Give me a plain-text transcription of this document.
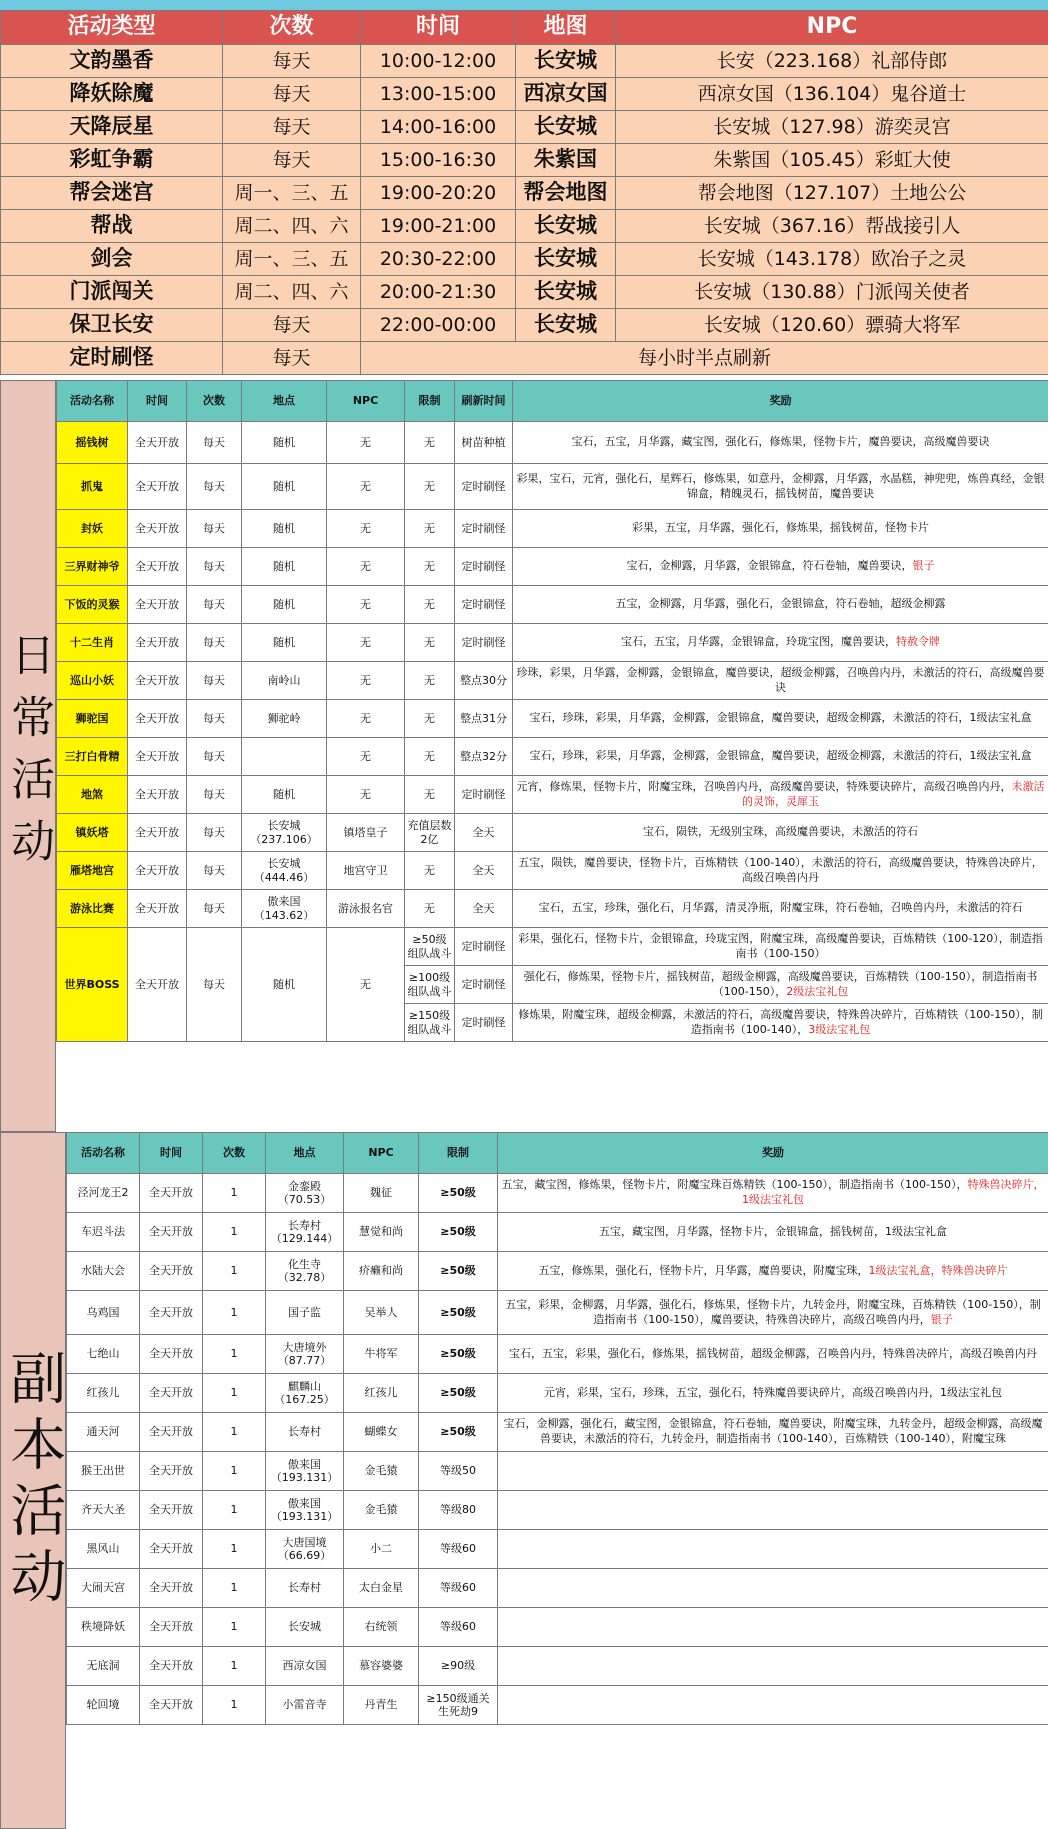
活动类型	次数	时间	地图	NPC
文韵墨香	每天	10:00-12:00	长安城	长安（223.168）礼部侍郎
降妖除魔	每天	13:00-15:00	西凉女国	西凉女国（136.104）鬼谷道士
天降辰星	每天	14:00-16:00	长安城	长安城（127.98）游奕灵宫
彩虹争霸	每天	15:00-16:30	朱紫国	朱紫国（105.45）彩虹大使
帮会迷宫	周一、三、五	19:00-20:20	帮会地图	帮会地图（127.107）土地公公
帮战	周二、四、六	19:00-21:00	长安城	长安城（367.16）帮战接引人
剑会	周一、三、五	20:30-22:00	长安城	长安城（143.178）欧冶子之灵
门派闯关	周二、四、六	20:00-21:30	长安城	长安城（130.88）门派闯关使者
保卫长安	每天	22:00-00:00	长安城	长安城（120.60）骠骑大将军
定时刷怪	每天	每小时半点刷新		
日常活动
活动名称	时间	次数	地点	NPC	限制	刷新时间	奖励
摇钱树	全天开放	每天	随机	无	无	树苗种植	宝石，五宝，月华露，藏宝图，强化石，修炼果，怪物卡片，魔兽要诀，高级魔兽要诀
抓鬼	全天开放	每天	随机	无	无	定时刷怪	彩果，宝石，元宵，强化石，星辉石，修炼果，如意丹，金柳露，月华露，水晶糕，神兜兜，炼兽真经，金银锦盒，精魄灵石，摇钱树苗，魔兽要诀
封妖	全天开放	每天	随机	无	无	定时刷怪	彩果，五宝，月华露，强化石，修炼果，摇钱树苗，怪物卡片
三界财神爷	全天开放	每天	随机	无	无	定时刷怪	宝石，金柳露，月华露，金银锦盒，符石卷轴，魔兽要诀，银子
下饭的灵猴	全天开放	每天	随机	无	无	定时刷怪	五宝，金柳露，月华露，强化石，金银锦盒，符石卷轴，超级金柳露
十二生肖	全天开放	每天	随机	无	无	定时刷怪	宝石，五宝，月华露，金银锦盒，玲珑宝图，魔兽要诀，特赦令牌
巡山小妖	全天开放	每天	南岭山	无	无	整点30分	珍珠，彩果，月华露，金柳露，金银锦盒，魔兽要诀，超级金柳露，召唤兽内丹，未激活的符石，高级魔兽要诀
狮驼国	全天开放	每天	狮驼岭	无	无	整点31分	宝石，珍珠，彩果，月华露，金柳露，金银锦盒，魔兽要诀，超级金柳露，未激活的符石，1级法宝礼盒
三打白骨精	全天开放	每天		无	无	整点32分	宝石，珍珠，彩果，月华露，金柳露，金银锦盒，魔兽要诀，超级金柳露，未激活的符石，1级法宝礼盒
地煞	全天开放	每天	随机	无	无	定时刷怪	元宵，修炼果，怪物卡片，附魔宝珠，召唤兽内丹，高级魔兽要诀，特殊要诀碎片，高级召唤兽内丹，未激活的灵饰，灵犀玉
镇妖塔	全天开放	每天	长安城（237.106）	镇塔皇子	充值层数2亿	全天	宝石，陨铁，无级别宝珠，高级魔兽要诀，未激活的符石
雁塔地宫	全天开放	每天	长安城（444.46）	地宫守卫	无	全天	五宝，陨铁，魔兽要诀，怪物卡片，百炼精铁（100-140），未激活的符石，高级魔兽要诀，特殊兽决碎片，高级召唤兽内丹
游泳比赛	全天开放	每天	傲来国（143.62）	游泳报名官	无	全天	宝石，五宝，珍珠，强化石，月华露，清灵净瓶，附魔宝珠，符石卷轴，召唤兽内丹，未激活的符石
世界BOSS	全天开放	每天	随机	无	≥50级组队战斗	定时刷怪	彩果，强化石，怪物卡片，金银锦盒，玲珑宝图，附魔宝珠，高级魔兽要诀，百炼精铁（100-120），制造指南书（100-150）
					≥100级组队战斗	定时刷怪	强化石，修炼果，怪物卡片，摇钱树苗，超级金柳露，高级魔兽要诀，百炼精铁（100-150），制造指南书（100-150），2级法宝礼包
					≥150级组队战斗	定时刷怪	修炼果，附魔宝珠，超级金柳露，未激活的符石，高级魔兽要诀，特殊兽决碎片，百炼精铁（100-150），制造指南书（100-140），3级法宝礼包
副本活动
活动名称	时间	次数	地点	NPC	限制	奖励
泾河龙王2	全天开放	1	金銮殿（70.53）	魏征	≥50级	五宝，藏宝图，修炼果，怪物卡片，附魔宝珠百炼精铁（100-150），制造指南书（100-150），特殊兽决碎片，1级法宝礼包
车迟斗法	全天开放	1	长寿村（129.144）	慧觉和尚	≥50级	五宝，藏宝图，月华露，怪物卡片，金银锦盒，摇钱树苗，1级法宝礼盒
水陆大会	全天开放	1	化生寺（32.78）	疥癞和尚	≥50级	五宝，修炼果，强化石，怪物卡片，月华露，魔兽要诀，附魔宝珠，1级法宝礼盒，特殊兽决碎片
乌鸡国	全天开放	1	国子监	吴举人	≥50级	五宝，彩果，金柳露，月华露，强化石，修炼果，怪物卡片，九转金丹，附魔宝珠，百炼精铁（100-150），制造指南书（100-150），魔兽要诀，特殊兽决碎片，高级召唤兽内丹，银子
七绝山	全天开放	1	大唐境外（87.77）	牛将军	≥50级	宝石，五宝，彩果，强化石，修炼果，摇钱树苗，超级金柳露，召唤兽内丹，特殊兽决碎片，高级召唤兽内丹
红孩儿	全天开放	1	麒麟山（167.25）	红孩儿	≥50级	元宵，彩果，宝石，珍珠，五宝，强化石，特殊魔兽要诀碎片，高级召唤兽内丹，1级法宝礼包
通天河	全天开放	1	长寿村	蝴蝶女	≥50级	宝石，金柳露，强化石，藏宝图，金银锦盒，符石卷轴，魔兽要诀，附魔宝珠，九转金丹，超级金柳露，高级魔兽要诀，未激活的符石，九转金丹，制造指南书（100-140），百炼精铁（100-140），附魔宝珠
猴王出世	全天开放	1	傲来国（193.131）	金毛猿	等级50	
齐天大圣	全天开放	1	傲来国（193.131）	金毛猿	等级80	
黑风山	全天开放	1	大唐国境（66.69）	小二	等级60	
大闹天宫	全天开放	1	长寿村	太白金星	等级60	
秩境降妖	全天开放	1	长安城	右统领	等级60	
无底洞	全天开放	1	西凉女国	慕容婆婆	≥90级	
轮回境	全天开放	1	小雷音寺	丹青生	≥150级通关生死劫9	
